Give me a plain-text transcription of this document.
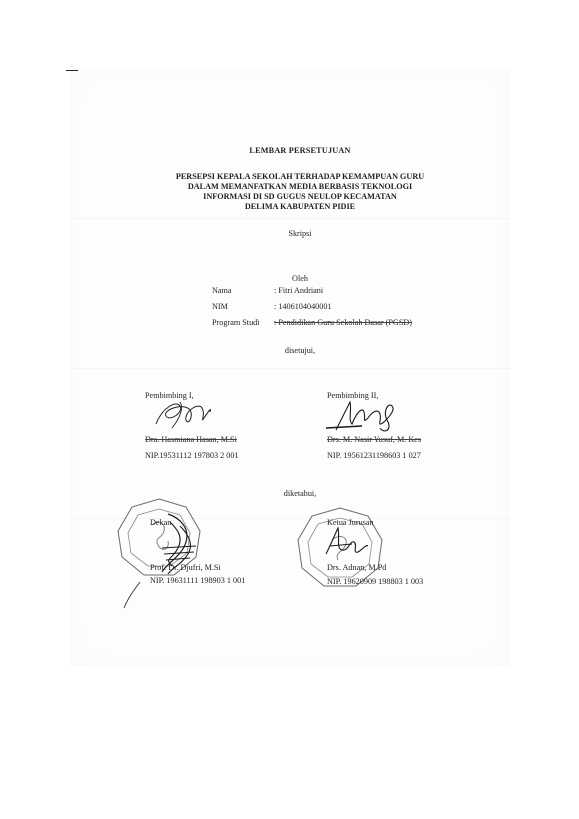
LEMBAR PERSETUJUAN
PERSEPSI KEPALA SEKOLAH TERHADAP KEMAMPUAN GURU
DALAM MEMANFATKAN MEDIA BERBASIS TEKNOLOGI
INFORMASI DI SD GUGUS NEULOP KECAMATAN
DELIMA KABUPATEN PIDIE
Skripsi
Oleh
Nama	: Fitri Andriani
NIM	: 1406104040001
Program Studi : Pendidikan Guru Sekolah Dasar (PGSD)
disetujui,
Pembimbing I,
Dra. Hasmiana Hasan, M.Si
NIP.19531112 197803 2 001
Pembimbing II,
Drs. M. Nasir Yusuf, M. Kes
NIP. 19561231198603 1 027
diketahui,
Dekan
Prof. Dr. Djufri, M.Si
NIP. 19631111 198903 1 001
Ketua Jurusan
Drs. Adnan, M.Pd
NIP. 19620909 198803 1 003
